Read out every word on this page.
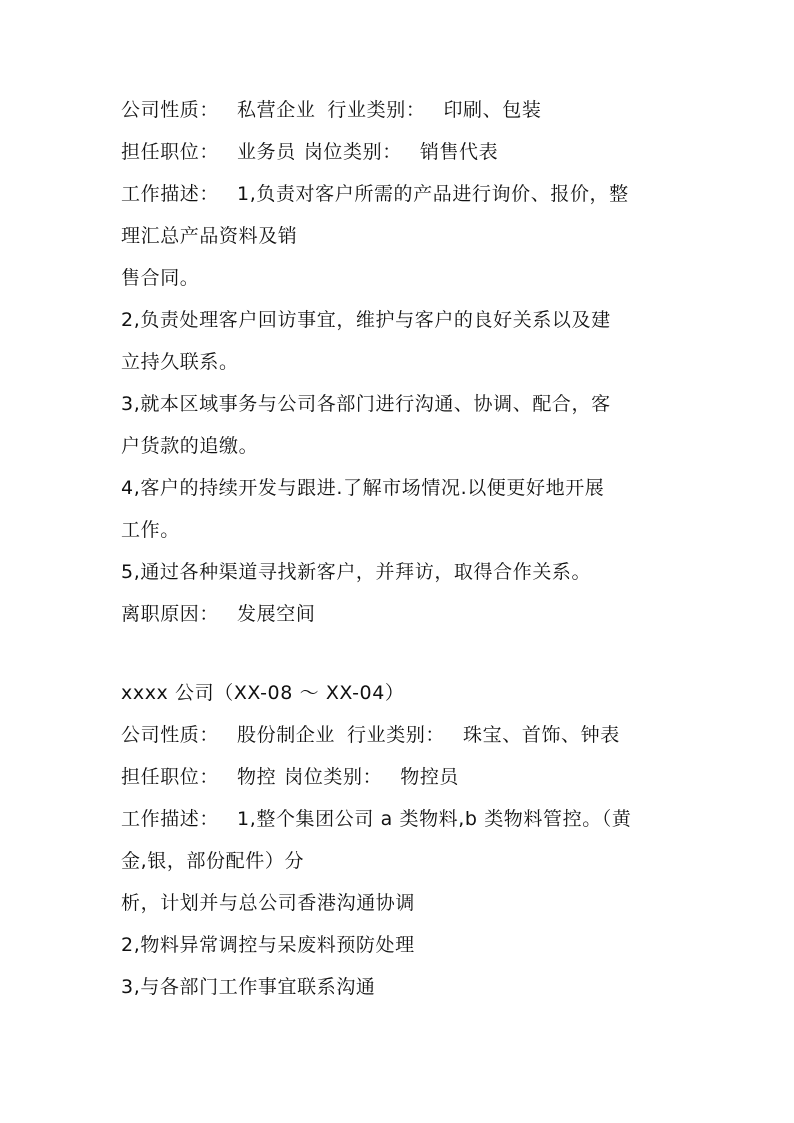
公司性质： 私营企业 行业类别： 印刷、包装
担任职位： 业务员 岗位类别： 销售代表
工作描述： 1,负责对客户所需的产品进行询价、报价，整
理汇总产品资料及销
售合同。
2,负责处理客户回访事宜，维护与客户的良好关系以及建
立持久联系。
3,就本区域事务与公司各部门进行沟通、协调、配合，客
户货款的追缴。
4,客户的持续开发与跟进.了解市场情况.以便更好地开展
工作。
5,通过各种渠道寻找新客户，并拜访，取得合作关系。
离职原因： 发展空间
xxxx 公司（XX-08 ～ XX-04）
公司性质： 股份制企业 行业类别： 珠宝、首饰、钟表
担任职位： 物控 岗位类别： 物控员
工作描述： 1,整个集团公司 a 类物料,b 类物料管控。（黄
金,银，部份配件）分
析，计划并与总公司香港沟通协调
2,物料异常调控与呆废料预防处理
3,与各部门工作事宜联系沟通
